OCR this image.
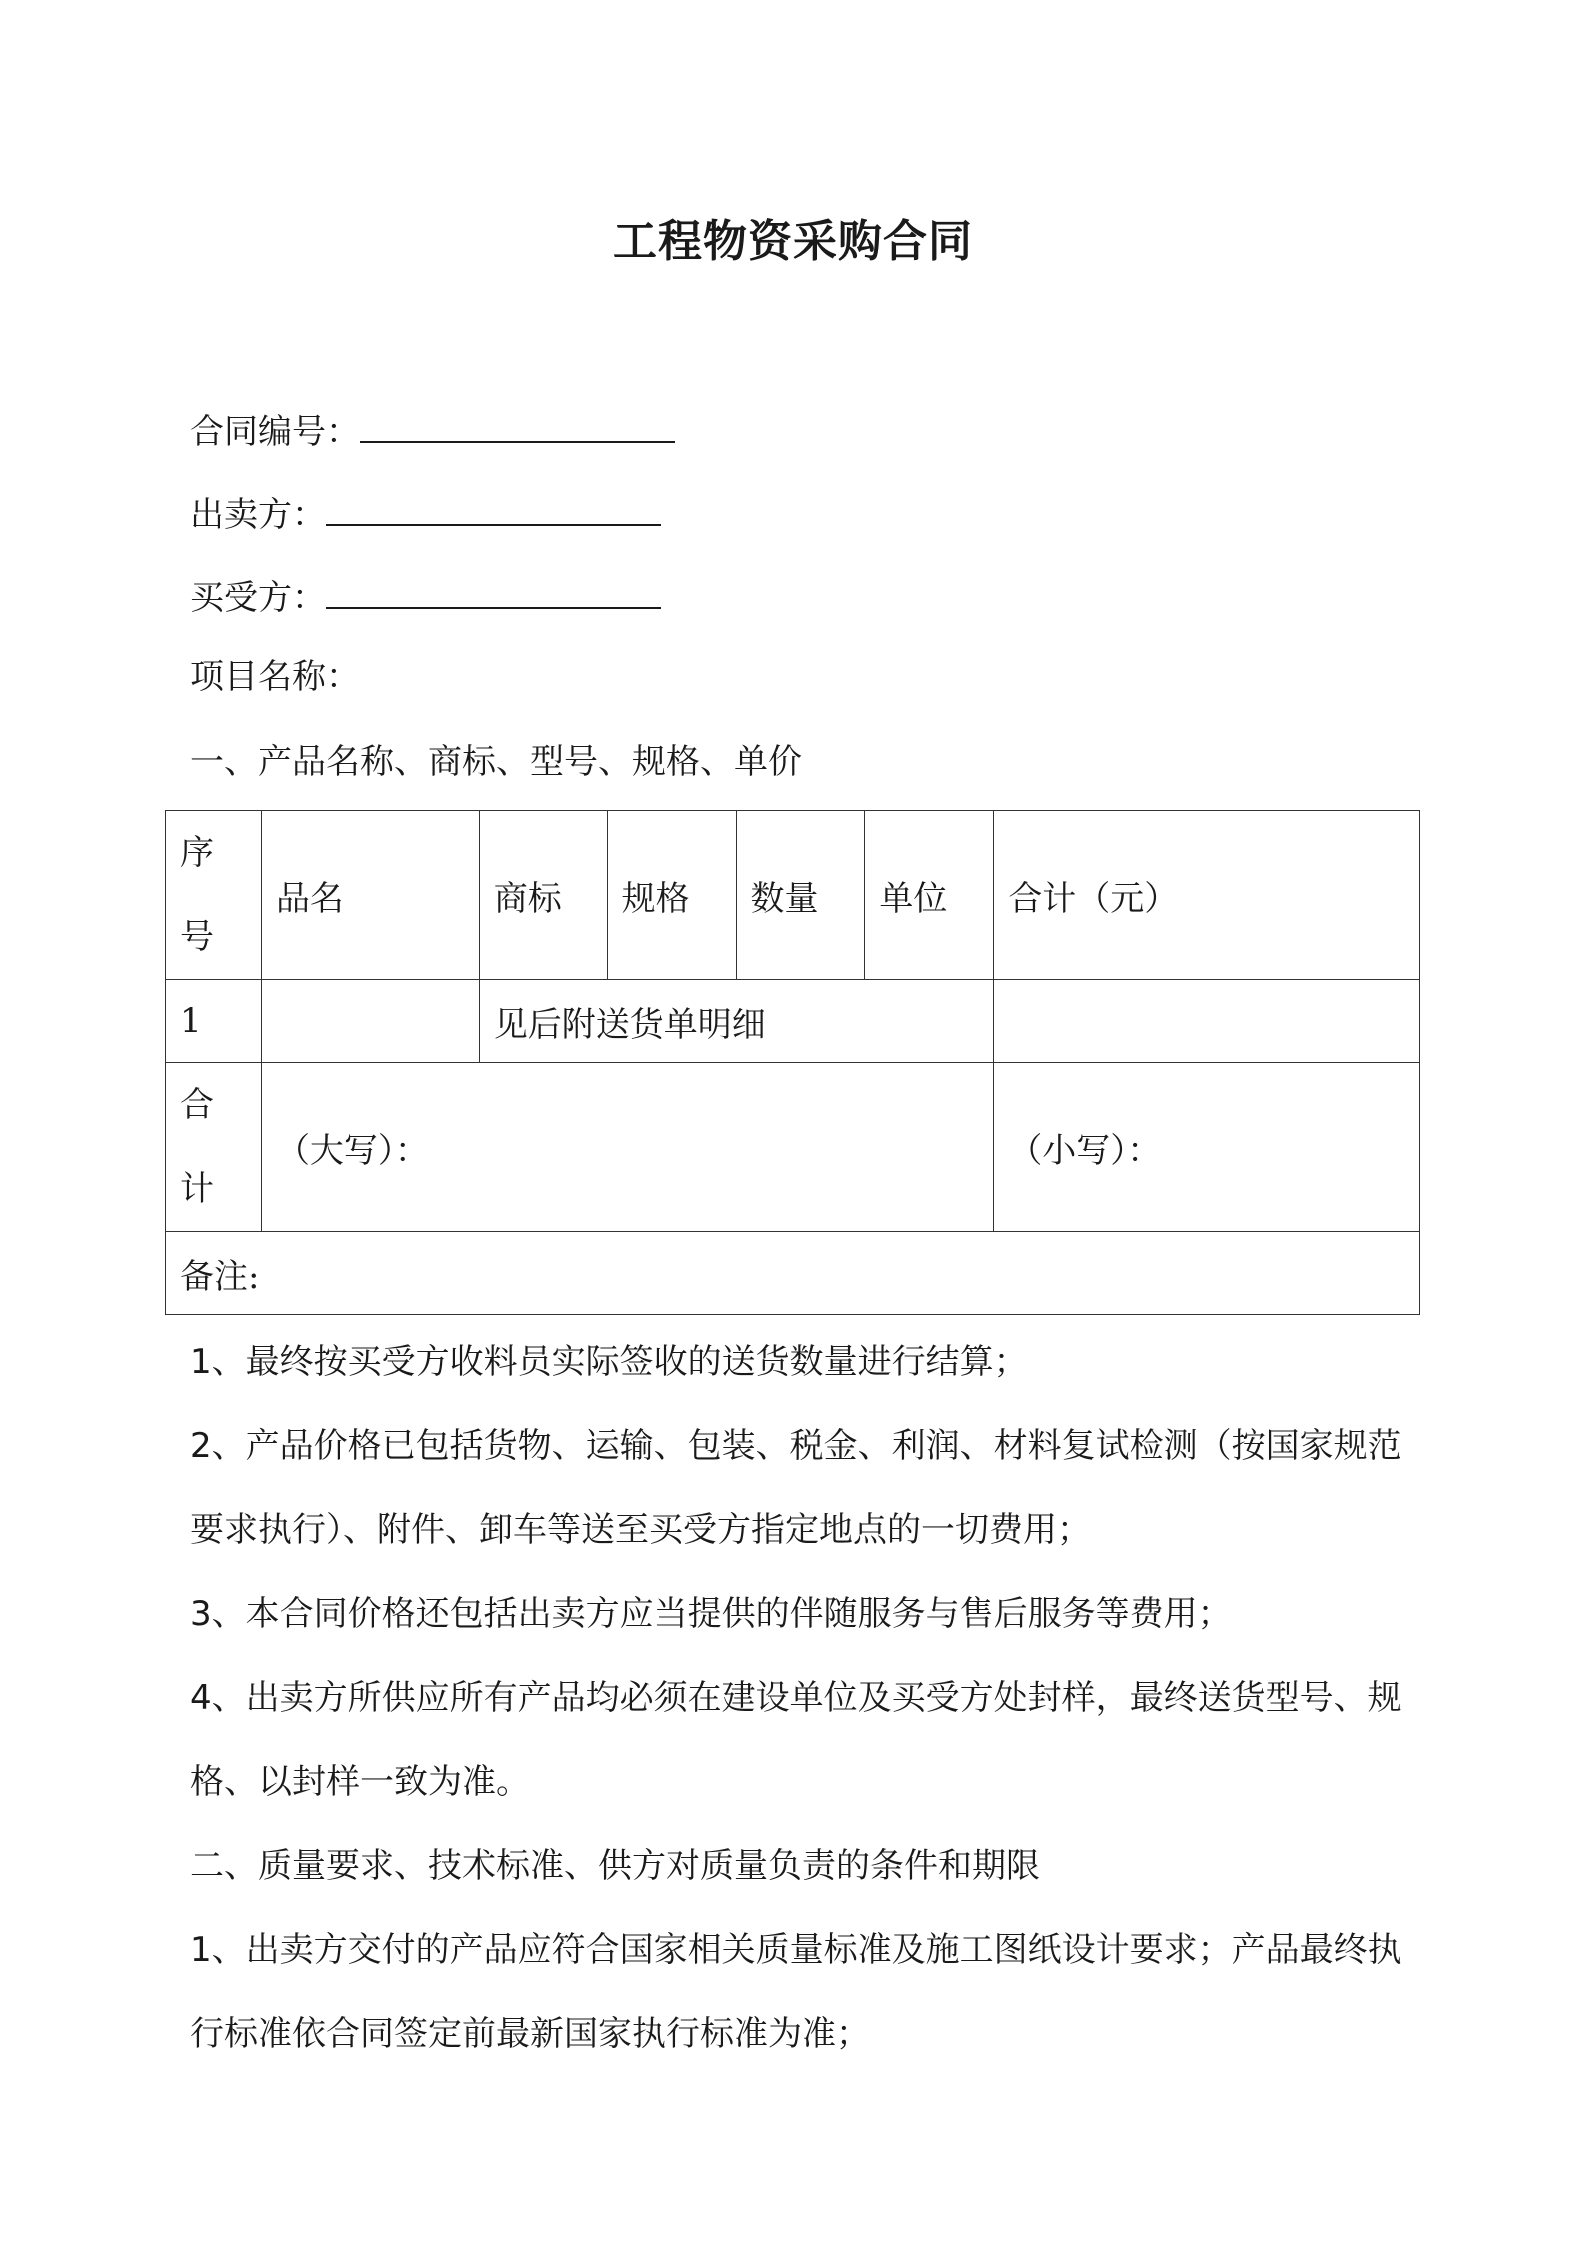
工程物资采购合同
合同编号：
出卖方：
买受方：
项目名称：
一、产品名称、商标、型号、规格、单价
序
号	品名	商标	规格	数量	单位	合计（元）
1		见后附送货单明细				

合
计	（大写）：					（小写）：
备注:						
1、最终按买受方收料员实际签收的送货数量进行结算；
2、产品价格已包括货物、运输、包装、税金、利润、材料复试检测（按国家规范要求执行）、附件、卸车等送至买受方指定地点的一切费用；
3、本合同价格还包括出卖方应当提供的伴随服务与售后服务等费用；
4、出卖方所供应所有产品均必须在建设单位及买受方处封样，最终送货型号、规格、以封样一致为准。
二、质量要求、技术标准、供方对质量负责的条件和期限
1、出卖方交付的产品应符合国家相关质量标准及施工图纸设计要求；产品最终执行标准依合同签定前最新国家执行标准为准；
